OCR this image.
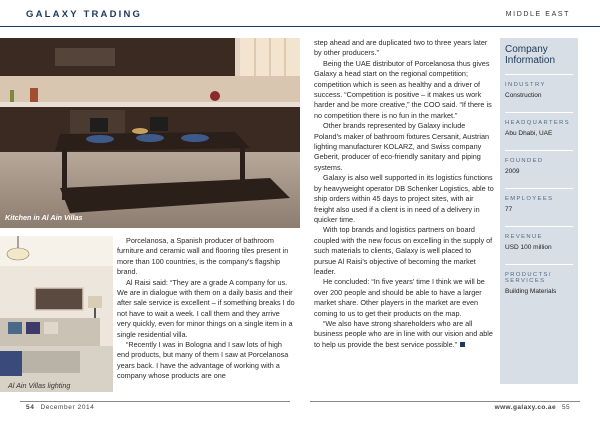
GALAXY TRADING	MIDDLE EAST
Kitchen in Al Ain Villas
Al Ain Villas lighting

Porcelanosa, a Spanish producer of bathroom furniture and ceramic wall and flooring tiles present in more than 100 countries, is the company's flagship brand.

Al Raisi said: “They are a grade A company for us. We are in dialogue with them on a daily basis and their after sale service is excellent – if something breaks I do not have to wait a week. I call them and they arrive very quickly, even for minor things on a single item in a single residential villa.

“Recently I was in Bologna and I saw lots of high end products, but many of them I saw at Porcelanosa years back. I have the advantage of working with a company whose products are one

step ahead and are duplicated two to three years later by other producers.”

Being the UAE distributor of Porcelanosa thus gives Galaxy a head start on the regional competition; competition which is seen as healthy and a driver of success. “Competition is positive – it makes us work harder and be more creative,” the COO said. “If there is no competition there is no fun in the market.”

Other brands represented by Galaxy include Poland's maker of bathroom fixtures Cersanit, Austrian lighting manufacturer KOLARZ, and Swiss company Geberit, producer of eco-friendly sanitary and piping systems.

Galaxy is also well supported in its logistics functions by heavyweight operator DB Schenker Logistics, able to ship orders within 45 days to project sites, with air freight also used if a client is in need of a delivery in quicker time.

With top brands and logistics partners on board coupled with the new focus on excelling in the supply of such materials to clients, Galaxy is well placed to pursue Al Raisi's objective of becoming the market leader.

He concluded: “In five years' time I think we will be over 200 people and should be able to have a larger market share. Other players in the market are even coming to us to get their products on the map.

“We also have strong shareholders who are all business people who are in line with our vision and able to help us provide the best service possible.”

Company Information
INDUSTRY
Construction
HEADQUARTERS
Abu Dhabi, UAE
FOUNDED
2009
EMPLOYEES
77
REVENUE
USD 100 million
PRODUCTS/ SERVICES
Building Materials
54 December 2014	www.galaxy.co.ae 55
